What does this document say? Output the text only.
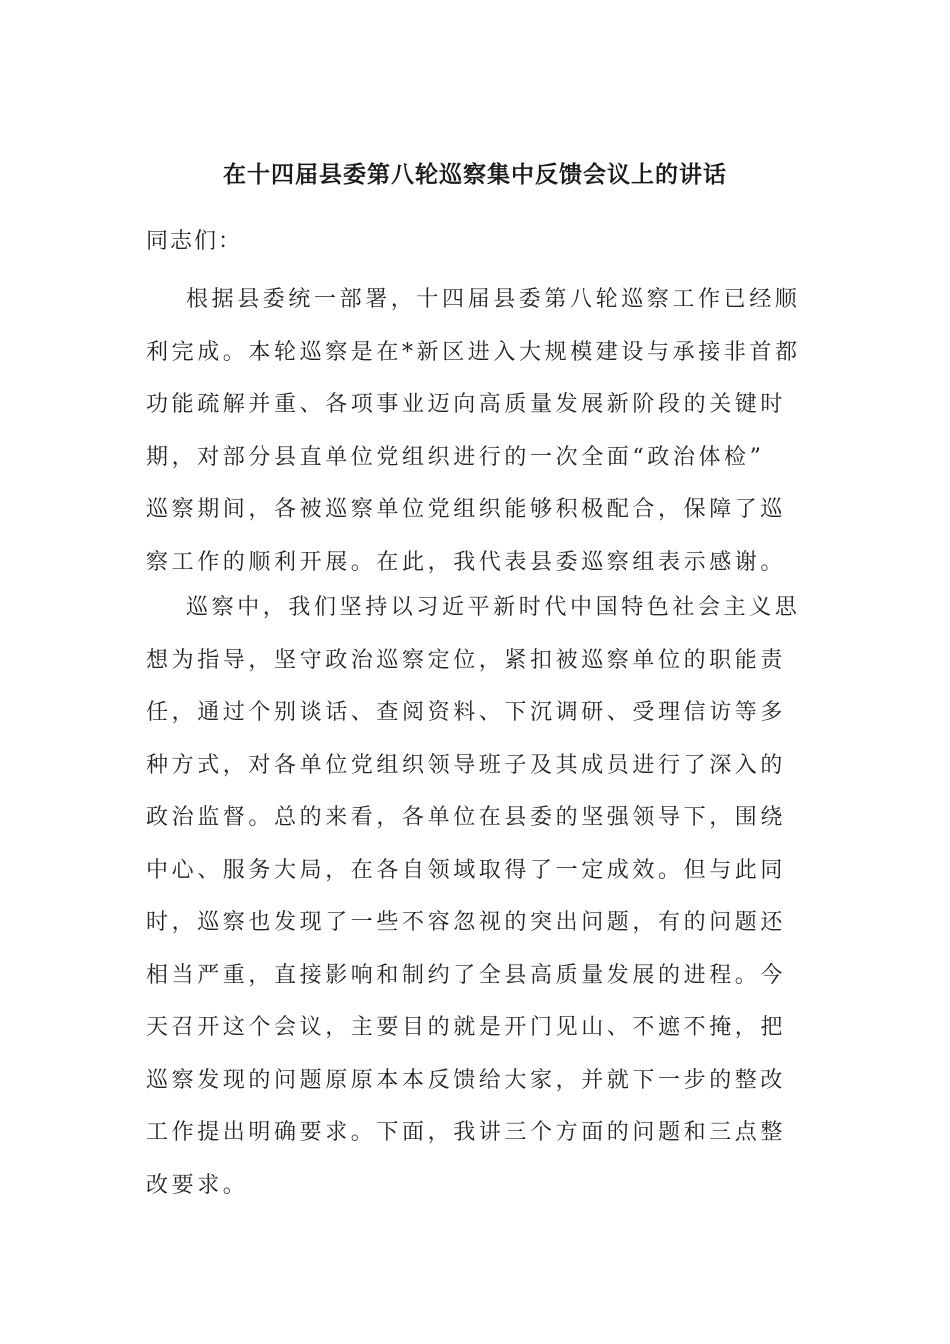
在十四届县委第八轮巡察集中反馈会议上的讲话
同志们：
根据县委统一部署，十四届县委第八轮巡察工作已经顺
利完成。本轮巡察是在*新区进入大规模建设与承接非首都
功能疏解并重、各项事业迈向高质量发展新阶段的关键时
期，对部分县直单位党组织进行的一次全面“政治体检”
巡察期间，各被巡察单位党组织能够积极配合，保障了巡
察工作的顺利开展。在此，我代表县委巡察组表示感谢。
巡察中，我们坚持以习近平新时代中国特色社会主义思
想为指导，坚守政治巡察定位，紧扣被巡察单位的职能责
任，通过个别谈话、查阅资料、下沉调研、受理信访等多
种方式，对各单位党组织领导班子及其成员进行了深入的
政治监督。总的来看，各单位在县委的坚强领导下，围绕
中心、服务大局，在各自领域取得了一定成效。但与此同
时，巡察也发现了一些不容忽视的突出问题，有的问题还
相当严重，直接影响和制约了全县高质量发展的进程。今
天召开这个会议，主要目的就是开门见山、不遮不掩，把
巡察发现的问题原原本本反馈给大家，并就下一步的整改
工作提出明确要求。下面，我讲三个方面的问题和三点整
改要求。
